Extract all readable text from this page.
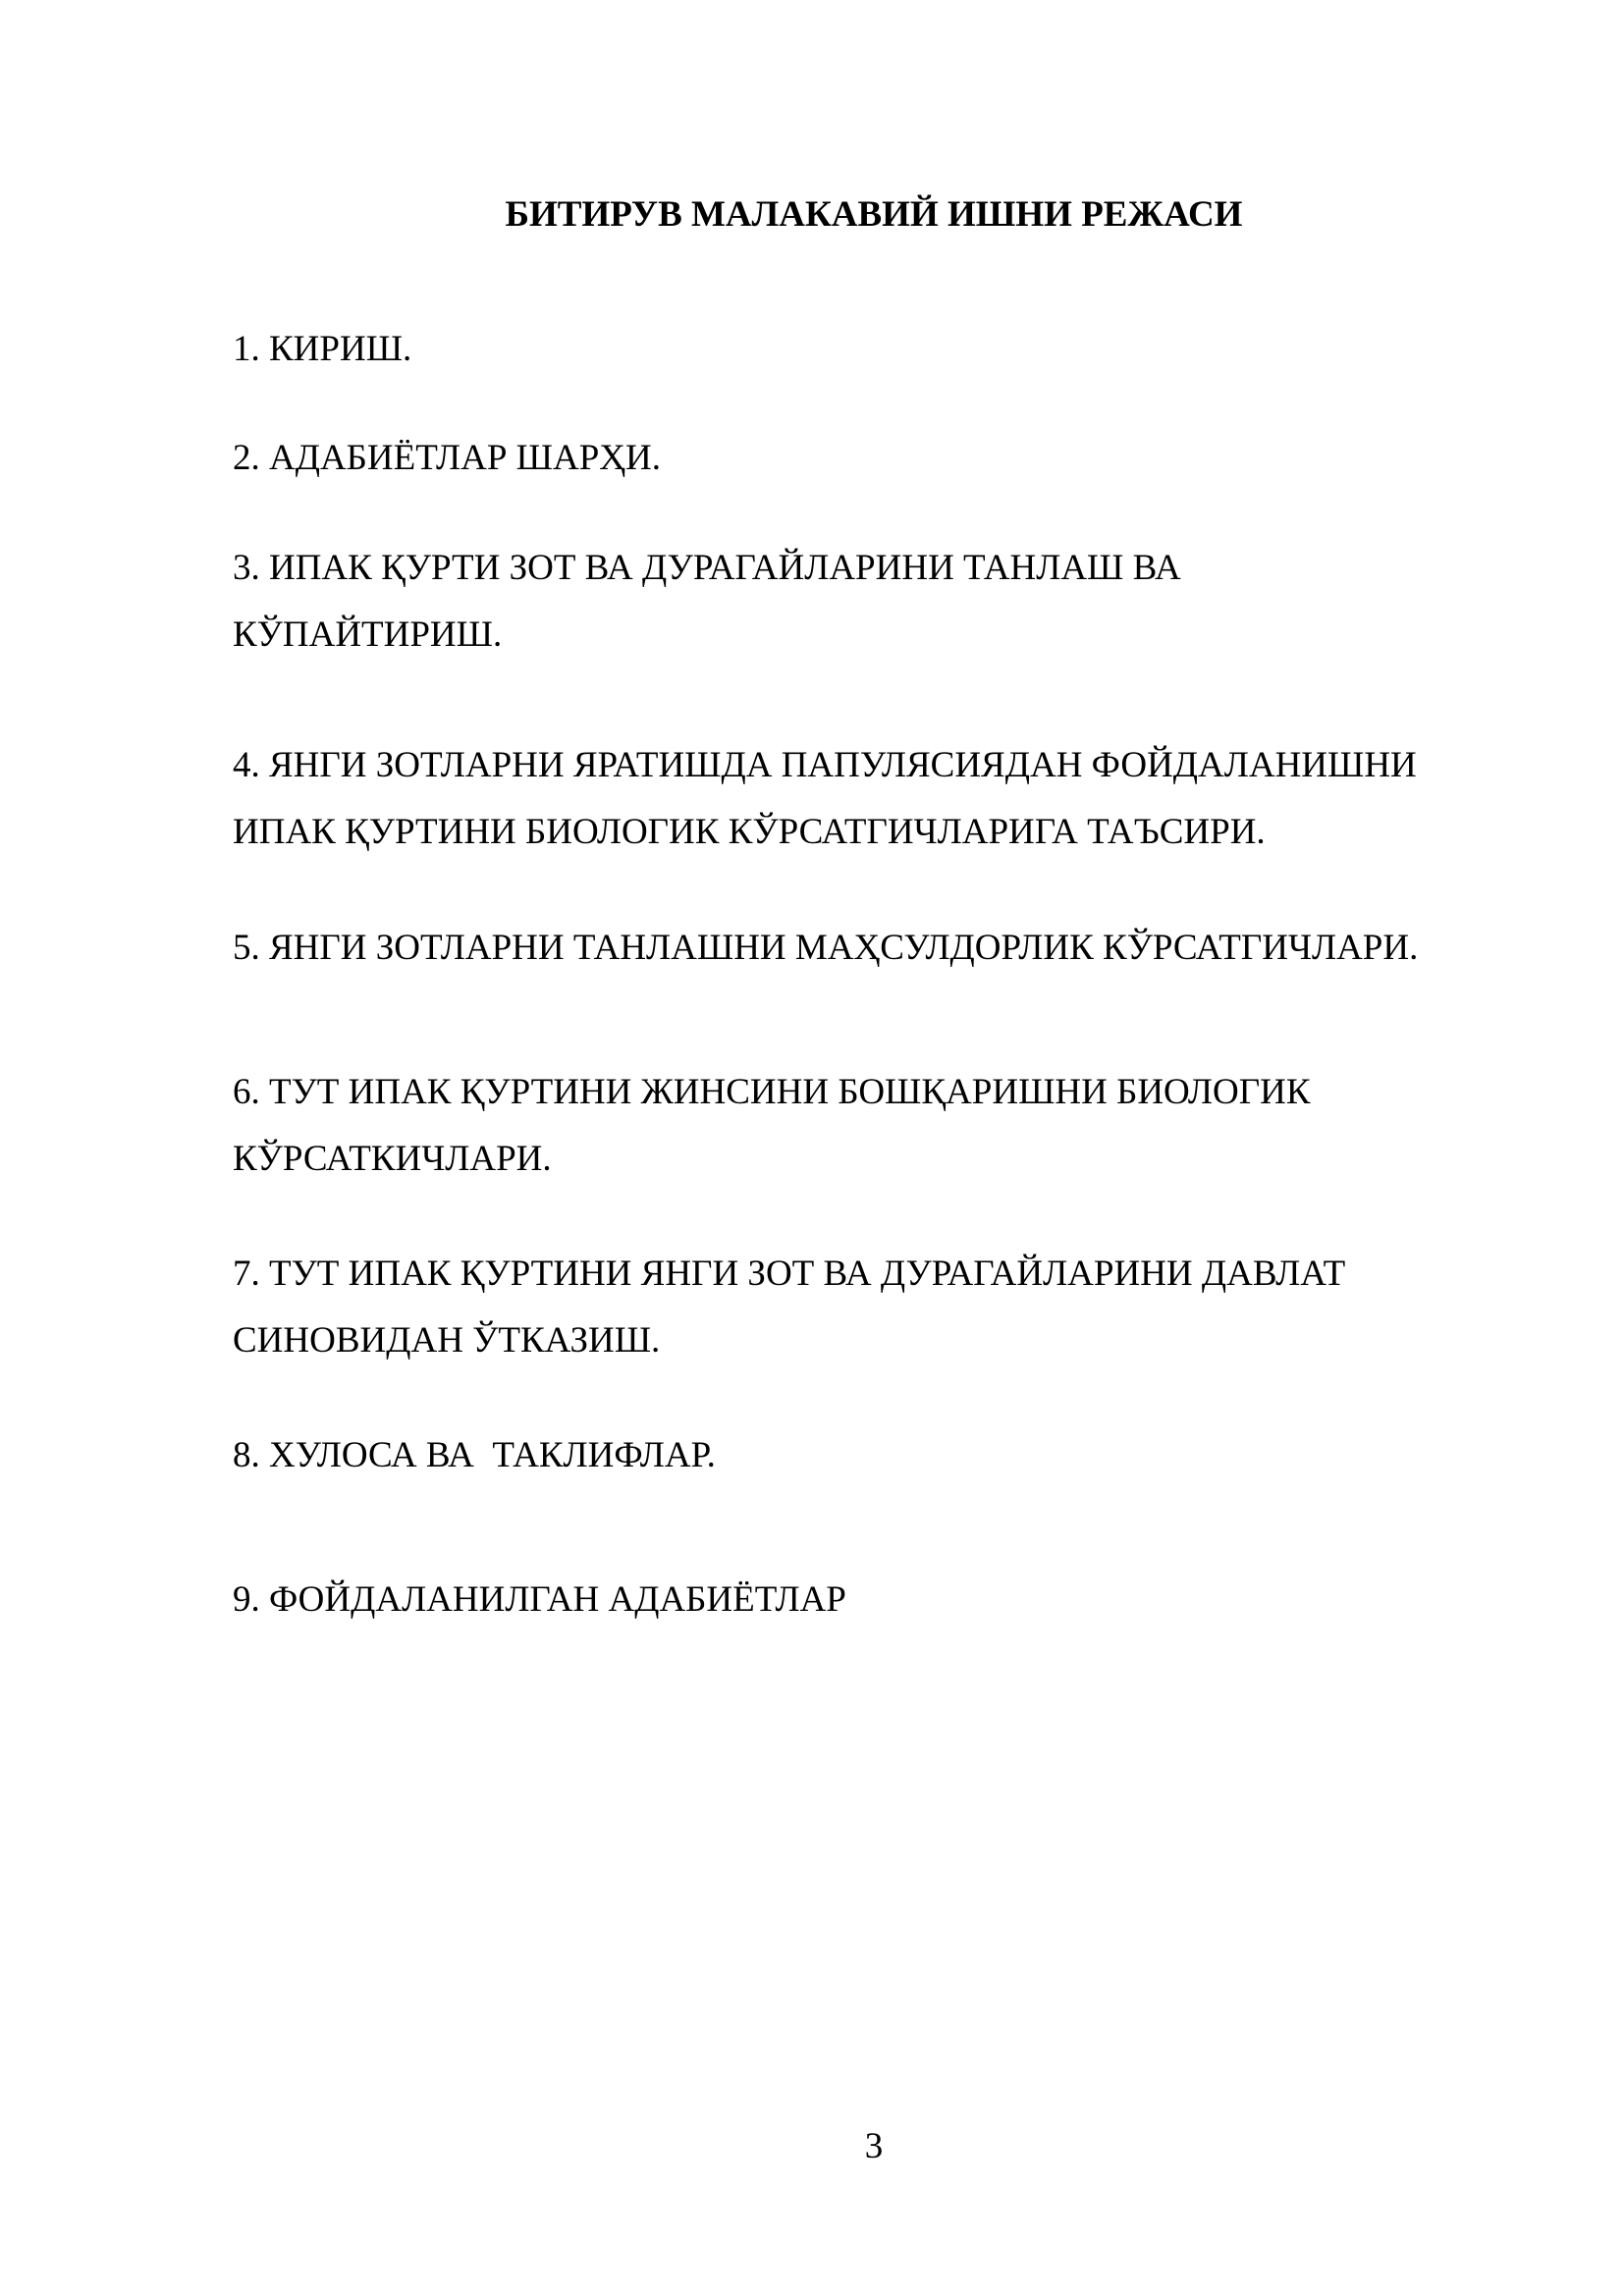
БИТИРУВ МАЛАКАВИЙ ИШНИ РЕЖАСИ
1. КИРИШ.
2. АДАБИЁТЛАР ШАРҲИ.
3. ИПАК ҚУРТИ ЗОТ ВА ДУРАГАЙЛАРИНИ ТАНЛАШ ВА
КЎПАЙТИРИШ.
4. ЯНГИ ЗОТЛАРНИ ЯРАТИШДА ПАПУЛЯСИЯДАН ФОЙДАЛАНИШНИ
ИПАК ҚУРТИНИ БИОЛОГИК КЎРСАТГИЧЛАРИГА ТАЪСИРИ.
5. ЯНГИ ЗОТЛАРНИ ТАНЛАШНИ МАҲСУЛДОРЛИК КЎРСАТГИЧЛАРИ.
6. ТУТ ИПАК ҚУРТИНИ ЖИНСИНИ БОШҚАРИШНИ БИОЛОГИК
КЎРСАТКИЧЛАРИ.
7. ТУТ ИПАК ҚУРТИНИ ЯНГИ ЗОТ ВА ДУРАГАЙЛАРИНИ ДАВЛАТ
СИНОВИДАН ЎТКАЗИШ.
8. ХУЛОСА ВА  ТАКЛИФЛАР.
9. ФОЙДАЛАНИЛГАН АДАБИЁТЛАР
3
